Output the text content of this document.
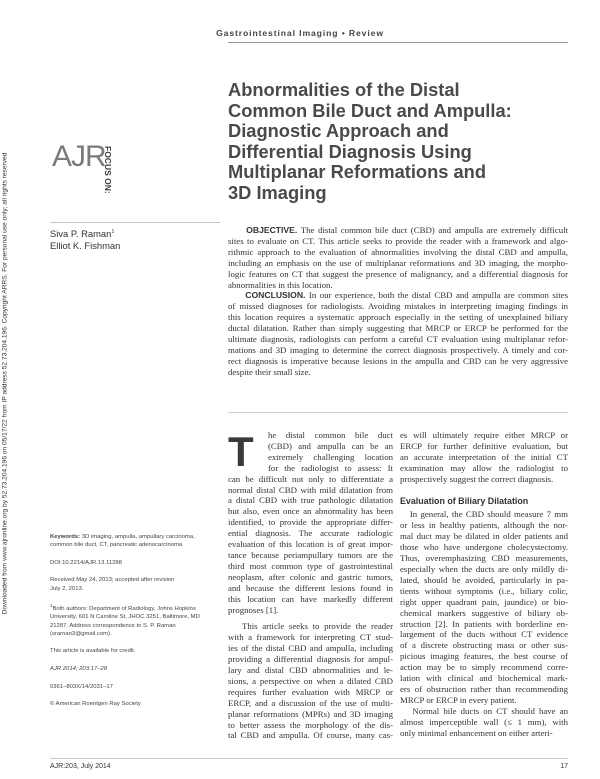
Gastrointestinal Imaging • Review
Downloaded from www.ajronline.org by 52.73.204.196 on 05/17/22 from IP address 52.73.204.196. Copyright ARRS. For personal use only; all rights reserved AJR
FOCUS ON:
Abnormalities of the Distal
Common Bile Duct and Ampulla:
Diagnostic Approach and
Differential Diagnosis Using
Multiplanar Reformations and
3D Imaging
Siva P. Raman$^1$
Elliot K. Fishman
OBJECTIVE. The distal common bile duct (CBD) and ampulla are extremely difficult
sites to evaluate on CT. This article seeks to provide the reader with a framework and algo-
rithmic approach to the evaluation of abnormalities involving the distal CBD and ampulla,
including an emphasis on the use of multiplanar reformations and 3D imaging, the morpho-
logic features on CT that suggest the presence of malignancy, and a differential diagnosis for
abnormalities in this location.
CONCLUSION. In our experience, both the distal CBD and ampulla are common sites
of missed diagnoses for radiologists. Avoiding mistakes in interpreting imaging findings in
this location requires a systematic approach especially in the setting of unexplained biliary
ductal dilatation. Rather than simply suggesting that MRCP or ERCP be performed for the
ultimate diagnosis, radiologists can perform a careful CT evaluation using multiplanar refor-
mations and 3D imaging to determine the correct diagnosis prospectively. A timely and cor-
rect diagnosis is imperative because lesions in the ampulla and CBD can be very aggressive
despite their small size.
Keywords: 3D imaging, ampulla, ampullary carcinoma,
common bile duct, CT, pancreatic adenocarcinoma
DOI:10.2214/AJR.13.11288
Received May 24, 2013; accepted after revision
July 2, 2013.
$^1$Both authors: Department of Radiology, Johns Hopkins
University, 601 N Caroline St, JHOC 3251, Baltimore, MD
21287. Address correspondence to S. P. Raman
(srarnan3@gmail.com).
This article is available for credit.
AJR 2014; 203:17–28
0361–803X/14/2031–17
© American Roentgen Ray Society
T	he distal common bile duct
(CBD) and ampulla can be an
extremely challenging location
for the radiologist to assess: It
can be difficult not only to differentiate a
normal distal CBD with mild dilatation from
a distal CBD with true pathologic dilatation
but also, even once an abnormality has been
identified, to provide the appropriate differ-
ential diagnosis. The accurate radiologic
evaluation of this location is of great impor-
tance because periampullary tumors are the
third most common type of gastrointestinal
neoplasm, after colonic and gastric tumors,
and because the different lesions found in
this location can have markedly different
prognoses [1].
This article seeks to provide the reader
with a framework for interpreting CT stud-
ies of the distal CBD and ampulla, including
providing a differential diagnosis for ampul-
lary and distal CBD abnormalities and le-
sions, a perspective on when a dilated CBD
requires further evaluation with MRCP or
ERCP, and a discussion of the use of multi-
planar reformations (MPRs) and 3D imaging
to better assess the morphology of the dis-
tal CBD and ampulla. Of course, many cas-
es will ultimately require either MRCP or
ERCP for further definitive evaluation, but
an accurate interpretation of the initial CT
examination may allow the radiologist to
prospectively suggest the correct diagnosis.
Evaluation of Biliary Dilatation
In general, the CBD should measure 7 mm
or less in healthy patients, although the nor-
mal duct may be dilated in older patients and
those who have undergone cholecystectomy.
Thus, overemphasizing CBD measurements,
especially when the ducts are only mildly di-
lated, should be avoided, particularly in pa-
tients without symptoms (i.e., biliary colic,
right upper quadrant pain, jaundice) or bio-
chemical markers suggestive of biliary ob-
struction [2]. In patients with borderline en-
largement of the ducts without CT evidence
of a discrete obstructing mass or other sus-
picious imaging features, the best course of
action may be to simply recommend corre-
lation with clinical and biochemical mark-
ers of obstruction rather than recommending
MRCP or ERCP in every patient.
Normal bile ducts on CT should have an
almost imperceptible wall (≤ 1 mm), with
only minimal enhancement on either arteri-
AJR:203, July 2014	17
